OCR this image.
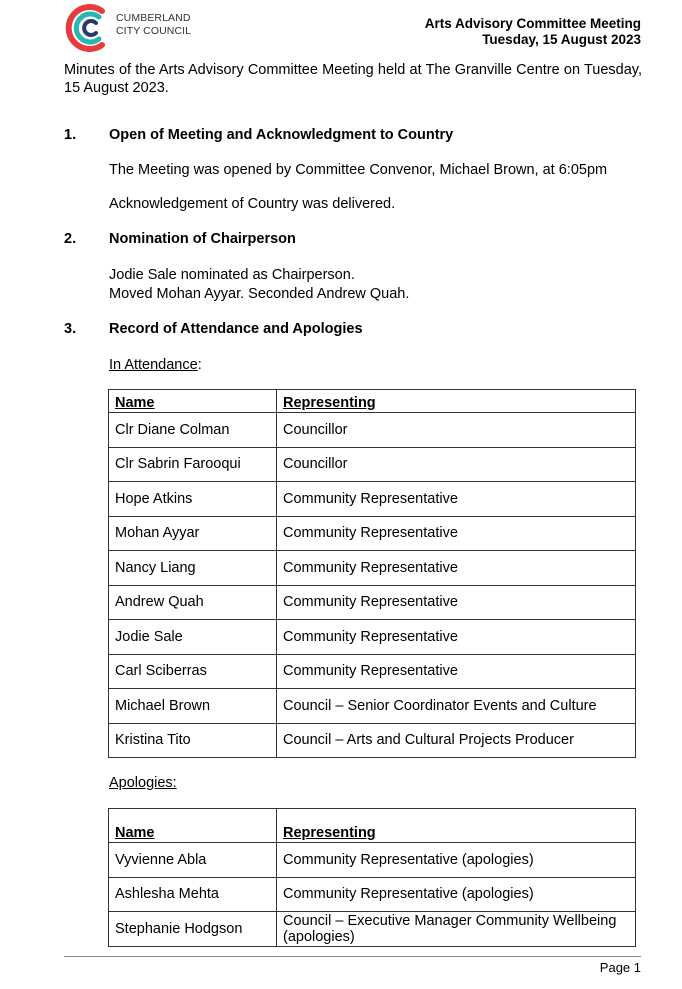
CUMBERLAND
CITY COUNCIL	Arts Advisory Committee Meeting
Tuesday, 15 August 2023
Minutes of the Arts Advisory Committee Meeting held at The Granville Centre on Tuesday, 15 August 2023.
1. Open of Meeting and Acknowledgment to Country
The Meeting was opened by Committee Convenor, Michael Brown, at 6:05pm
Acknowledgement of Country was delivered.
2. Nomination of Chairperson
Jodie Sale nominated as Chairperson.
Moved Mohan Ayyar. Seconded Andrew Quah.
3. Record of Attendance and Apologies
In Attendance:
Name	Representing
Clr Diane Colman	Councillor
Clr Sabrin Farooqui	Councillor
Hope Atkins	Community Representative
Mohan Ayyar	Community Representative
Nancy Liang	Community Representative
Andrew Quah	Community Representative
Jodie Sale	Community Representative
Carl Sciberras	Community Representative
Michael Brown	Council – Senior Coordinator Events and Culture
Kristina Tito	Council – Arts and Cultural Projects Producer
Apologies:
Name	Representing
Vyvienne Abla	Community Representative (apologies)
Ashlesha Mehta	Community Representative (apologies)
Stephanie Hodgson	Council – Executive Manager Community Wellbeing (apologies)
Page 1
